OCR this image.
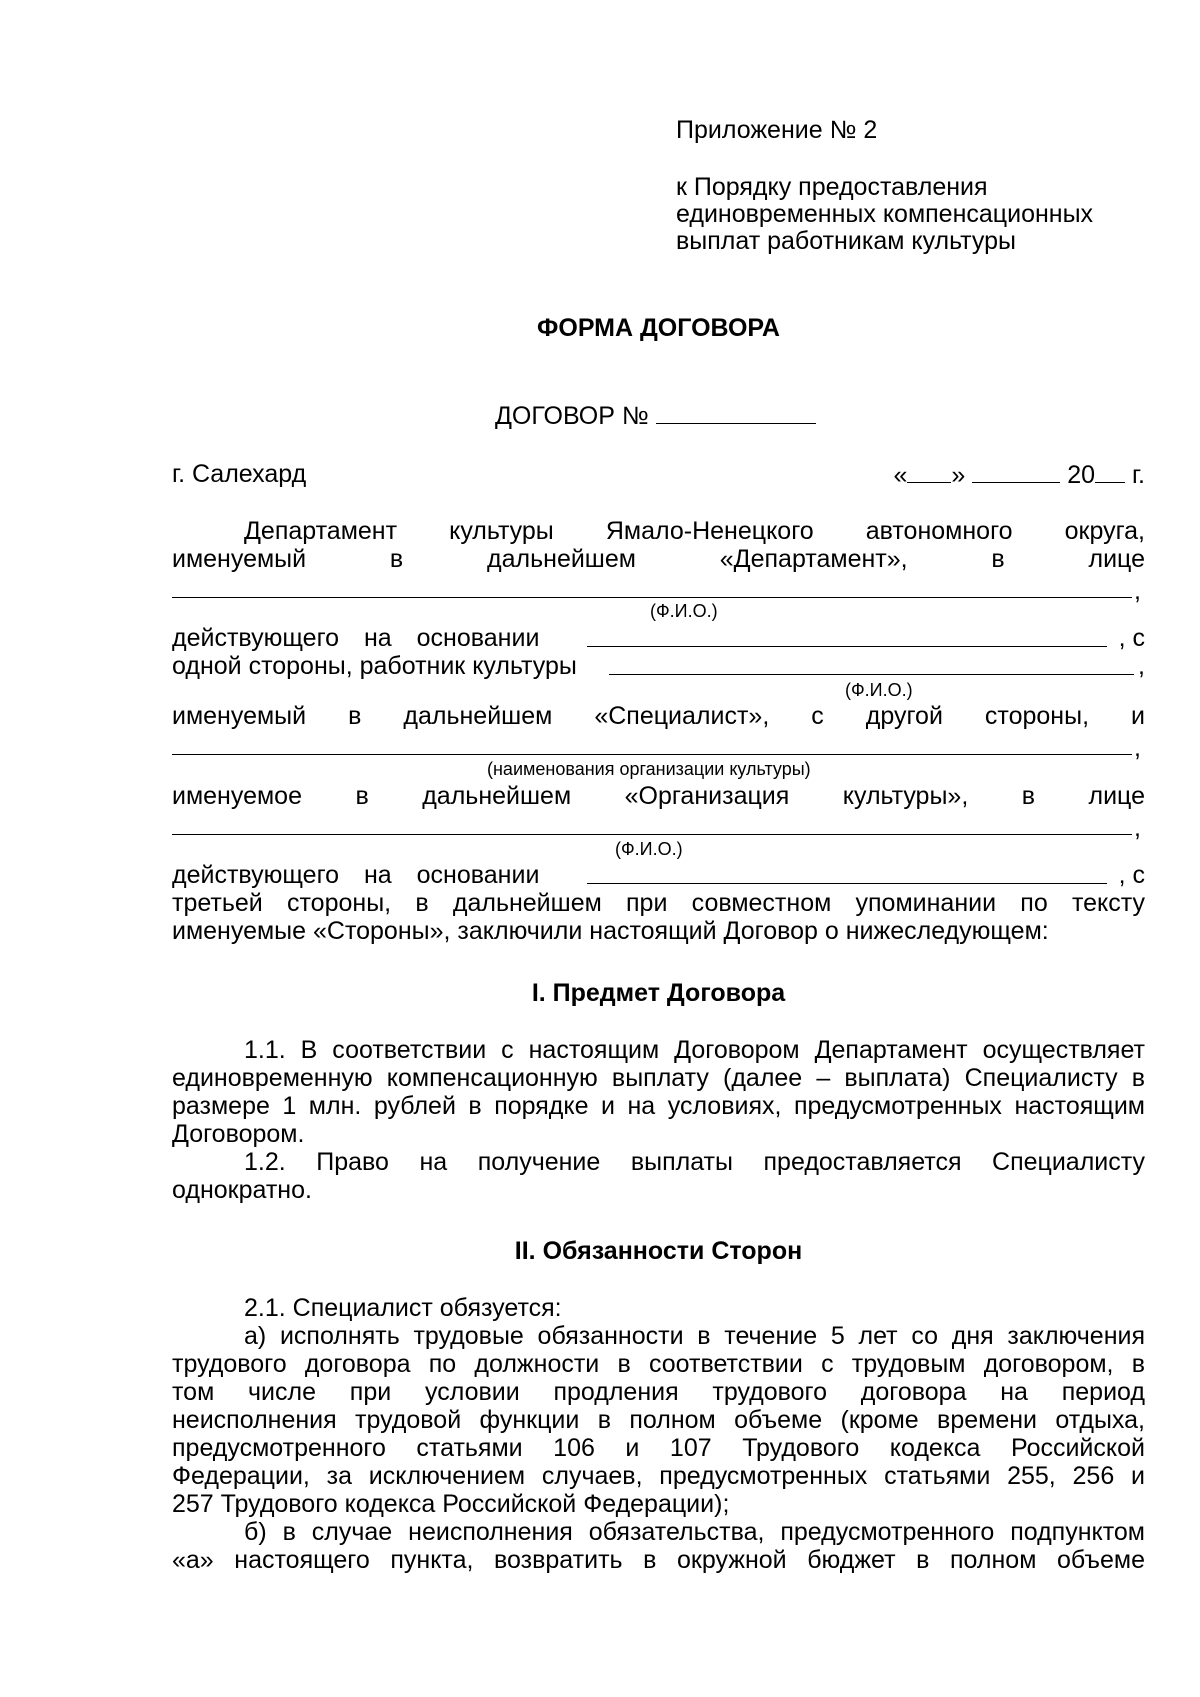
Приложение № 2
к Порядку предоставления
единовременных компенсационных
выплат работникам культуры
ФОРМА ДОГОВОРА
ДОГОВОР №
г. Салехард	« »	20 г.
Департамент культуры Ямало-Ненецкого автономного округа,
именуемый в дальнейшем «Департамент», в лице
,
(Ф.И.О.)
действующего на основании	, с
одной стороны, работник культуры	,
(Ф.И.О.)
именуемый в дальнейшем «Специалист», с другой стороны, и
,
(наименования организации культуры)
именуемое в дальнейшем «Организация культуры», в лице
,
(Ф.И.О.)
действующего на основании	, с
третьей стороны, в дальнейшем при совместном упоминании по тексту
именуемые «Стороны», заключили настоящий Договор о нижеследующем:
I. Предмет Договора
1.1. В соответствии с настоящим Договором Департамент осуществляет
единовременную компенсационную выплату (далее – выплата) Специалисту в
размере 1 млн. рублей в порядке и на условиях, предусмотренных настоящим
Договором.
1.2. Право на получение выплаты предоставляется Специалисту
однократно.
II. Обязанности Сторон
2.1. Специалист обязуется:
а) исполнять трудовые обязанности в течение 5 лет со дня заключения
трудового договора по должности в соответствии с трудовым договором, в
том числе при условии продления трудового договора на период
неисполнения трудовой функции в полном объеме (кроме времени отдыха,
предусмотренного статьями 106 и 107 Трудового кодекса Российской
Федерации, за исключением случаев, предусмотренных статьями 255, 256 и
257 Трудового кодекса Российской Федерации);
б) в случае неисполнения обязательства, предусмотренного подпунктом
«а» настоящего пункта, возвратить в окружной бюджет в полном объеме
